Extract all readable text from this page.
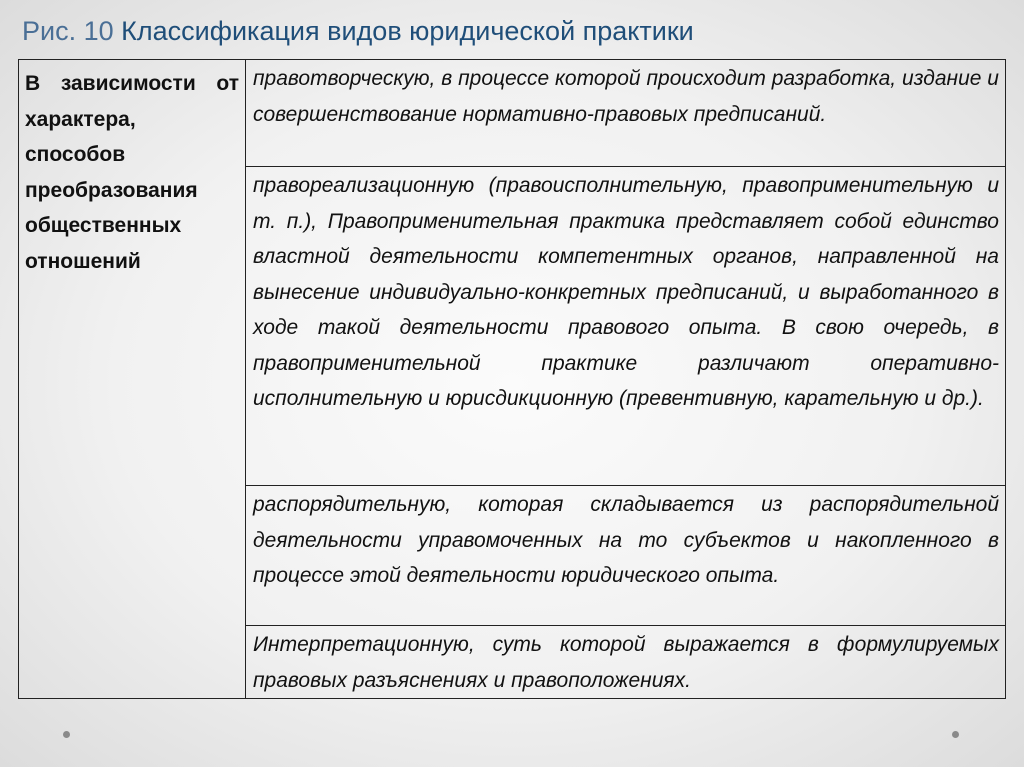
Рис. 10 Классификация видов юридической практики

В зависимости от характера, способов преобразования общественных отношений

правотворческую, в процессе которой происходит разработка, издание и совершенствование нормативно-правовых предписаний.
правореализационную (правоисполнительную, правоприменительную и т. п.), Правоприменительная практика представляет собой единство властной деятельности компетентных органов, направленной на вынесение индивидуально-конкретных предписаний, и выработанного в ходе такой деятельности правового опыта. В свою очередь, в правоприменительной практике различают оперативно-исполнительную и юрисдикционную (превентивную, карательную и др.).
распорядительную, которая складывается из распорядительной деятельности управомоченных на то субъектов и накопленного в процессе этой деятельности юридического опыта.
Интерпретационную, суть которой выражается в формулируемых правовых разъяснениях и правоположениях.
